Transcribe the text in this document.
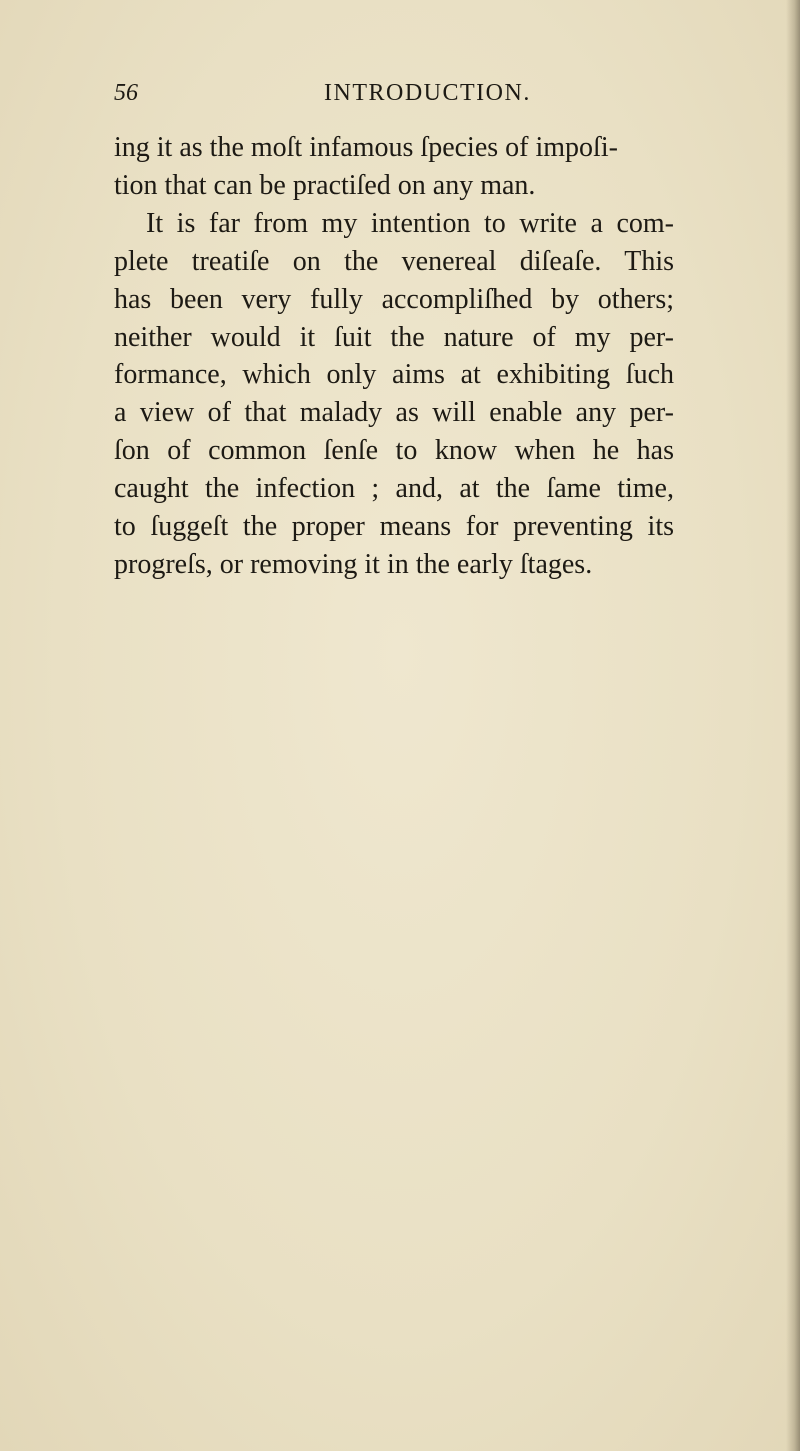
56	INTRODUCTION.
ing it as the moſt infamous ſpecies of impoſi-
tion that can be practiſed on any man.
It is far from my intention to write a com-
plete treatiſe on the venereal diſeaſe. This
has been very fully accompliſhed by others;
neither would it ſuit the nature of my per-
formance, which only aims at exhibiting ſuch
a view of that malady as will enable any per-
ſon of common ſenſe to know when he has
caught the infection ; and, at the ſame time,
to ſuggeſt the proper means for preventing its
progreſs, or removing it in the early ſtages.
